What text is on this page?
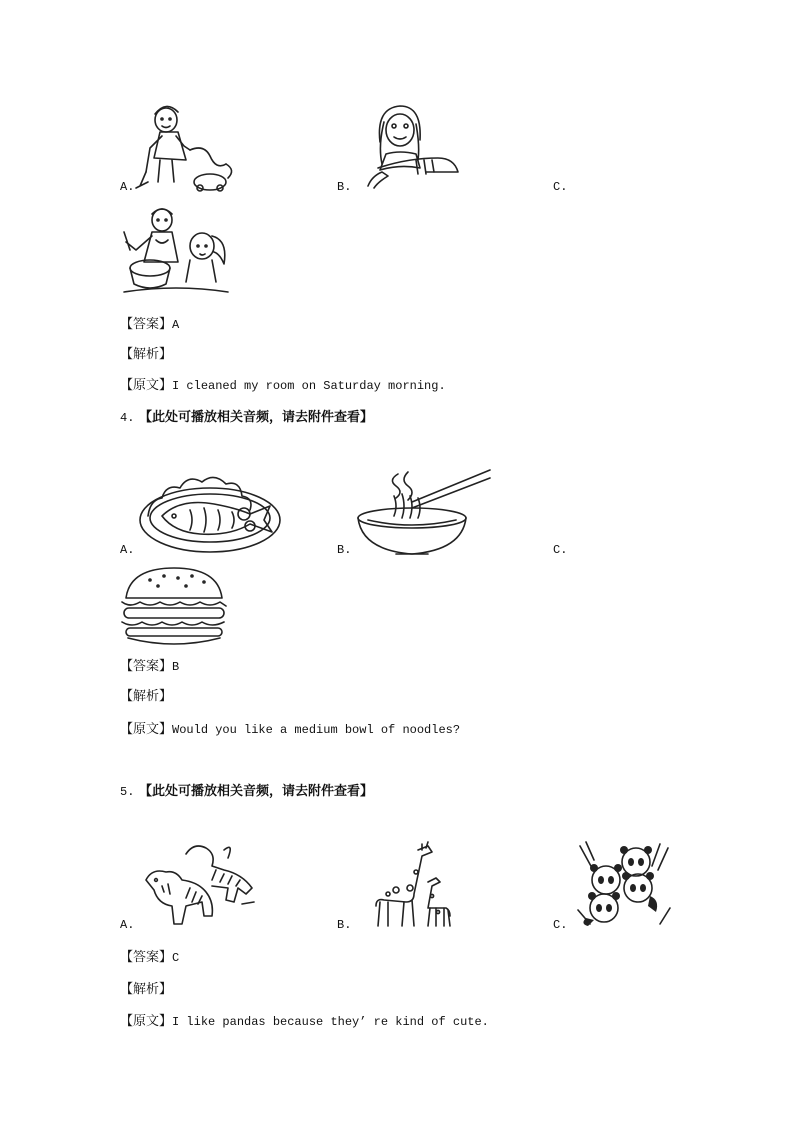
A.	B.	C.
【答案】A
【解析】
【原文】I cleaned my room on Saturday morning.
4. 【此处可播放相关音频，请去附件查看】
A.	B.	C.
【答案】B
【解析】
【原文】Would you like a medium bowl of noodles?
5. 【此处可播放相关音频，请去附件查看】
A.	B.	C.
【答案】C
【解析】
【原文】I like pandas because they’ re kind of cute.
